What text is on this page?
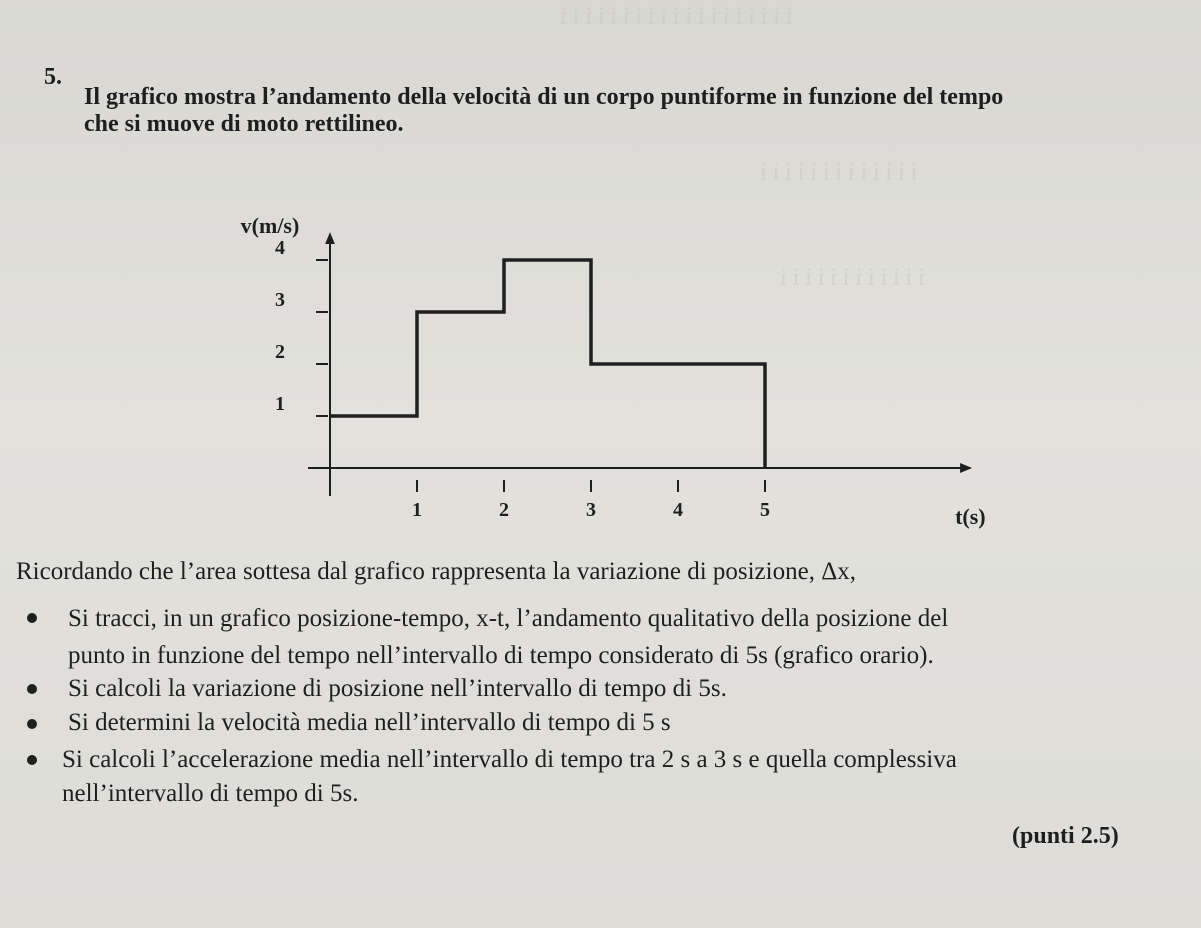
ⅰ ⅰ ⅰ ⅰ ⅰ ⅰ ⅰ ⅰ ⅰ ⅰ ⅰ ⅰ ⅰ ⅰ ⅰ ⅰ ⅰ ⅰ ⅰ
ⅰ ⅰ ⅰ ⅰ ⅰ ⅰ ⅰ ⅰ ⅰ ⅰ ⅰ ⅰ ⅰ
ⅰ ⅰ ⅰ ⅰ ⅰ ⅰ ⅰ ⅰ ⅰ ⅰ ⅰ ⅰ
5.
Il grafico mostra l’andamento della velocità di un corpo puntiforme in funzione del tempo
che si muove di moto rettilineo.
1	2	3	4	5
1
2
3
4
v(m/s)
t(s)
Ricordando che l’area sottesa dal grafico rappresenta la variazione di posizione, Δx,
Si tracci, in un grafico posizione-tempo, x-t, l’andamento qualitativo della posizione del
punto in funzione del tempo nell’intervallo di tempo considerato di 5s (grafico orario).
Si calcoli la variazione di posizione nell’intervallo di tempo di 5s.
Si determini la velocità media nell’intervallo di tempo di 5 s
Si calcoli l’accelerazione media nell’intervallo di tempo tra 2 s a 3 s e quella complessiva
nell’intervallo di tempo di 5s.
(punti 2.5)
